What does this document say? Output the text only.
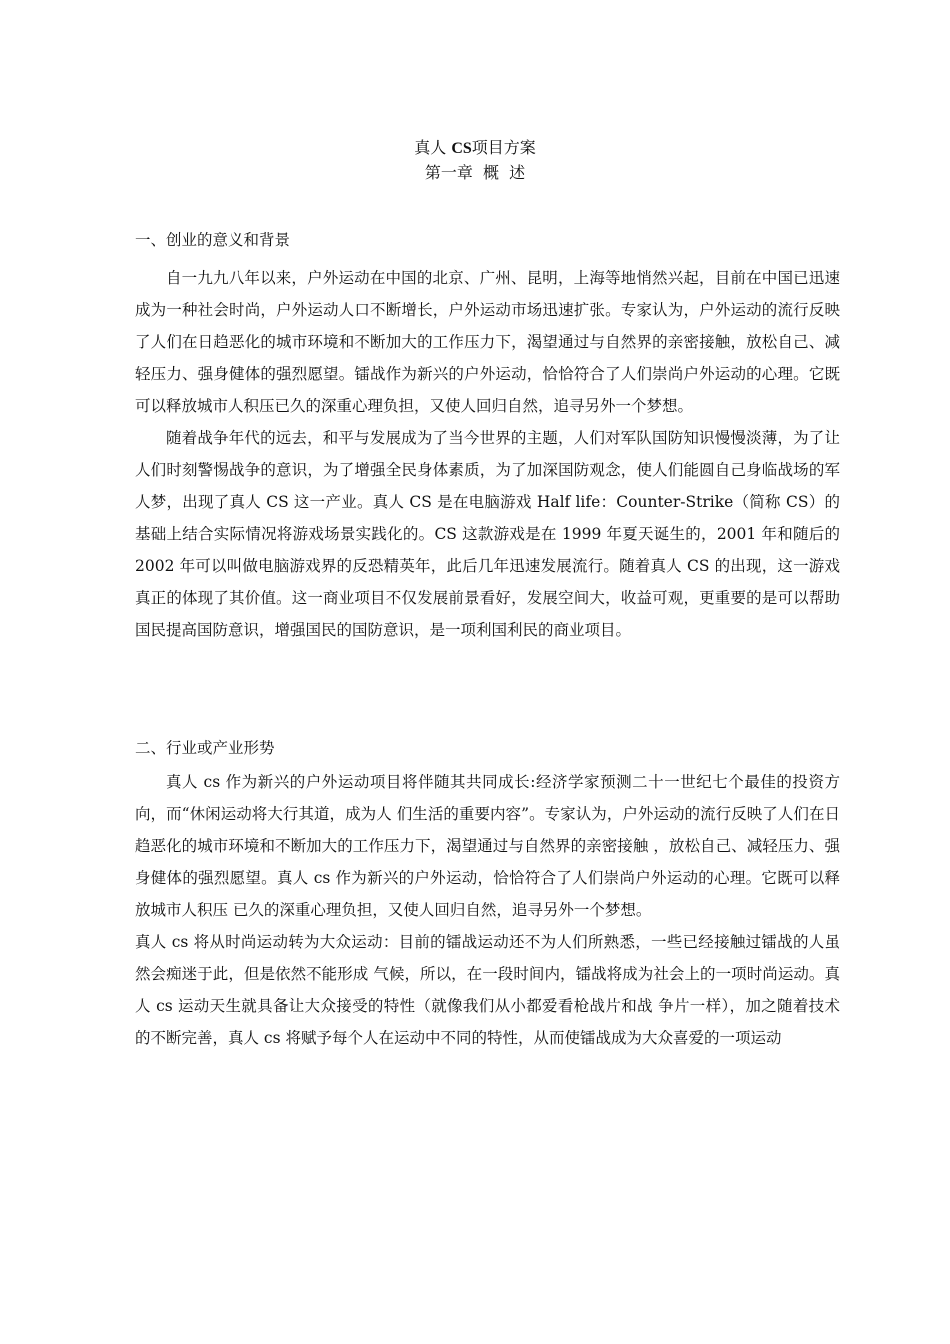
真人 CS项目方案

第一章  概  述

一、创业的意义和背景

自一九九八年以来，户外运动在中国的北京、广州、昆明，上海等地悄然兴起，目前在中国已迅速成为一种社会时尚，户外运动人口不断增长，户外运动市场迅速扩张。专家认为，户外运动的流行反映了人们在日趋恶化的城市环境和不断加大的工作压力下，渴望通过与自然界的亲密接触，放松自己、减轻压力、强身健体的强烈愿望。镭战作为新兴的户外运动，恰恰符合了人们崇尚户外运动的心理。它既可以释放城市人积压已久的深重心理负担，又使人回归自然，追寻另外一个梦想。

随着战争年代的远去，和平与发展成为了当今世界的主题，人们对军队国防知识慢慢淡薄，为了让人们时刻警惕战争的意识，为了增强全民身体素质，为了加深国防观念，使人们能圆自己身临战场的军人梦，出现了真人 CS 这一产业。真人 CS 是在电脑游戏 Half life：Counter-Strike（简称 CS）的基础上结合实际情况将游戏场景实践化的。CS 这款游戏是在 1999 年夏天诞生的，2001 年和随后的 2002 年可以叫做电脑游戏界的反恐精英年，此后几年迅速发展流行。随着真人 CS 的出现，这一游戏真正的体现了其价值。这一商业项目不仅发展前景看好，发展空间大，收益可观，更重要的是可以帮助国民提高国防意识，增强国民的国防意识，是一项利国利民的商业项目。

二、行业或产业形势

真人 cs 作为新兴的户外运动项目将伴随其共同成长:经济学家预测二十一世纪七个最佳的投资方向，而“休闲运动将大行其道，成为人 们生活的重要内容”。专家认为，户外运动的流行反映了人们在日趋恶化的城市环境和不断加大的工作压力下，渴望通过与自然界的亲密接触 ，放松自己、减轻压力、强身健体的强烈愿望。真人 cs 作为新兴的户外运动，恰恰符合了人们崇尚户外运动的心理。它既可以释放城市人积压 已久的深重心理负担，又使人回归自然，追寻另外一个梦想。

真人 cs 将从时尚运动转为大众运动：目前的镭战运动还不为人们所熟悉，一些已经接触过镭战的人虽然会痴迷于此，但是依然不能形成 气候，所以，在一段时间内，镭战将成为社会上的一项时尚运动。真人 cs 运动天生就具备让大众接受的特性（就像我们从小都爱看枪战片和战 争片一样），加之随着技术的不断完善，真人 cs 将赋予每个人在运动中不同的特性，从而使镭战成为大众喜爱的一项运动
